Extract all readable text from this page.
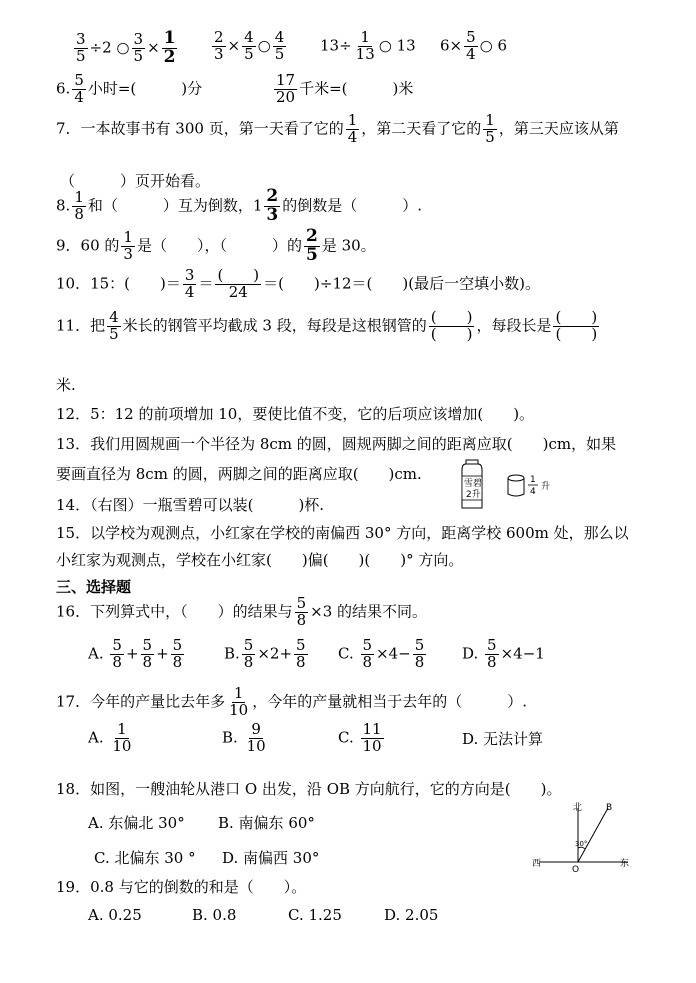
$\frac{3}{5} \div 2$ ○ $\frac{3}{5} \times \frac{1}{2} \frac{2}{3} \times \frac{4}{5}$ ○ $\frac{4}{5} 13\div \frac{1}{13}$ ○ 13 $6\times \frac{5}{4}$ ○ 6
6. $\frac{5}{4}$ 小时=(　　　)分	$\frac{17}{20}$ 千米=(　　　)米
7．一本故事书有 300 页，第一天看了它的 $\frac{1}{4}$ ，第二天看了它的 $\frac{1}{5}$ ，第三天应该从第
（　　　）页开始看。
8. $\frac{1}{8}$ 和（　　　）互为倒数，$1 \frac{2}{3}$ 的倒数是（　　　）.
9．60 的 $\frac{1}{3}$ 是（　　），（　　　）的 $\frac{2}{5}$ 是 30。
10．15：(　　)＝ $\frac{3}{4} = \frac{( )}{24}$ ＝(　　)÷12＝(　　)(最后一空填小数)。
11．把 $\frac{4}{5}$ 米长的钢管平均截成 3 段，每段是这根钢管的 $\frac{( )}{( )}$ ，每段长是 $\frac{( )}{( )}$
米.
12．5：12 的前项增加 10，要使比值不变，它的后项应该增加(　　)。
13．我们用圆规画一个半径为 8cm 的圆，圆规两脚之间的距离应取(　　)cm，如果
要画直径为 8cm 的圆，两脚之间的距离应取(　　)cm.
14．（右图）一瓶雪碧可以装(　　　)杯.
雪碧
2升
1
4 升
15．以学校为观测点，小红家在学校的南偏西 30° 方向，距离学校 600m 处，那么以
小红家为观测点，学校在小红家(　　)偏(　　)(　　)° 方向。
三、选择题
16．下列算式中，（　　）的结果与 $\frac{5}{8} \times 3$ 的结果不同。
A. $\frac{5}{8} + \frac{5}{8} + \frac{5}{8}$	B. $\frac{5}{8} \times 2+ \frac{5}{8} C$. $\frac{5}{8} \times 4- \frac{5}{8} D$. $\frac{5}{8} \times 4-1$
17．今年的产量比去年多 $\frac{1}{10}$ ，今年的产量就相当于去年的（　　　）.
A. $\frac{1}{10}$	B. $\frac{9}{10}$	C. $\frac{11}{10}$	D. 无法计算
18．如图，一艘油轮从港口 O 出发，沿 OB 方向航行，它的方向是(　　)。
A. 东偏北 30° B. 南偏东 60°
C. 北偏东 30 ° D. 南偏西 30°
北	B
西	东
O
30°
19．0.8 与它的倒数的和是（　　）。
A. 0.25	B. 0.8	C. 1.25	D. 2.05
